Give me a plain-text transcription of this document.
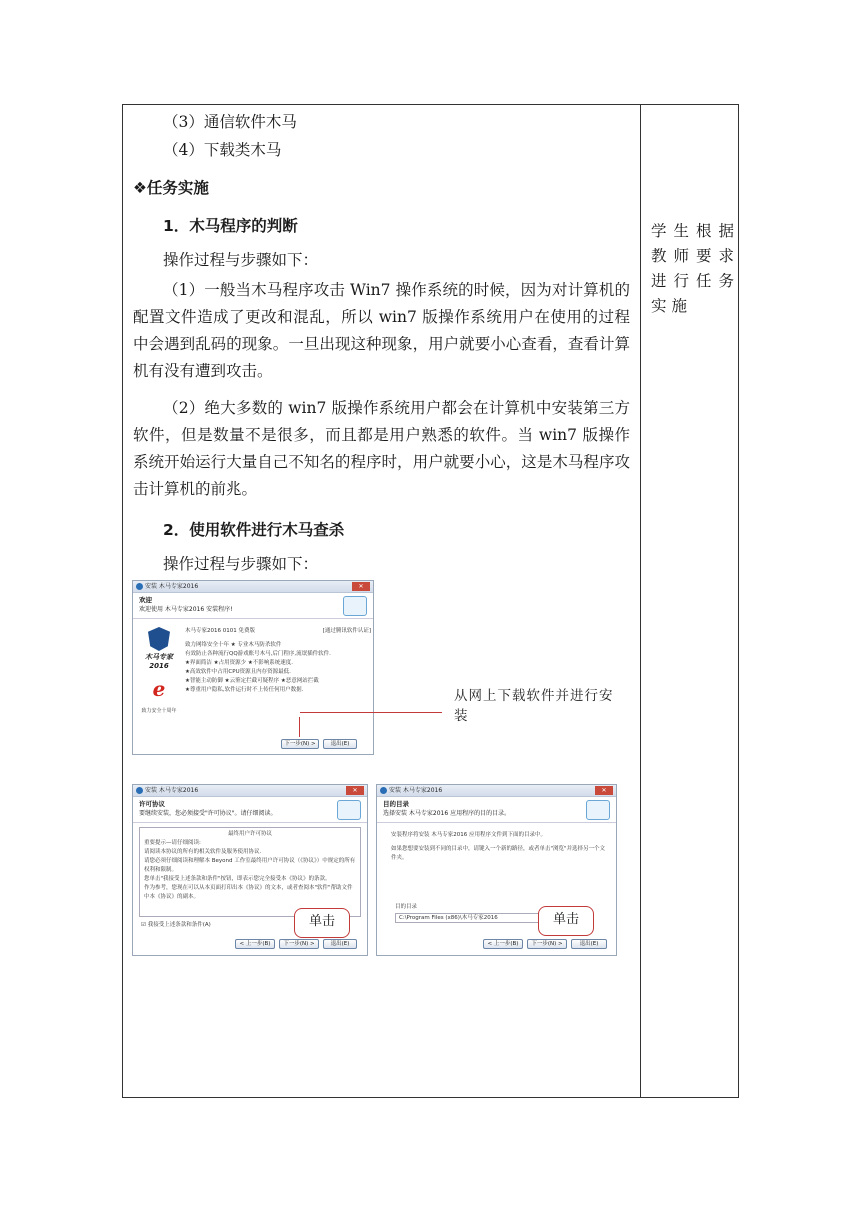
（3）通信软件木马
（4）下载类木马
❖任务实施
1．木马程序的判断
操作过程与步骤如下：
（1）一般当木马程序攻击 Win7 操作系统的时候，因为对计算机的配置文件造成了更改和混乱，所以 win7 版操作系统用户在使用的过程中会遇到乱码的现象。一旦出现这种现象，用户就要小心查看，查看计算机有没有遭到攻击。
（2）绝大多数的 win7 版操作系统用户都会在计算机中安装第三方软件，但是数量不是很多，而且都是用户熟悉的软件。当 win7 版操作系统开始运行大量自己不知名的程序时，用户就要小心，这是木马程序攻击计算机的前兆。
2．使用软件进行木马查杀
操作过程与步骤如下：
学生根据教师要求进行任务实施
安装 木马专家2016	✕
欢迎
欢迎使用 木马专家2016 安装程序!
木马专家 2016
ℯ
致力安全十周年
木马专家2016 0101 免费版	[通过腾讯软件认证]
致力网络安全十年 ★ 专业木马防杀软件
有效防止各种流行QQ游戏账号木马,后门程序,流氓插件软件.
★界面简洁 ★占用资源少 ★不影响系统速度.
★高效软件中占用CPU资源且内存资源最低.
★智能主动防御 ★云鉴定拦截可疑程序 ★恶意网站拦截
★尊重用户隐私,软件运行时不上传任何用户数据.
下一步(N) >	退出(E)
从网上下载软件并进行安装
安装 木马专家2016	✕
许可协议
要继续安装，您必须接受"许可协议"。请仔细阅读。
最终用户许可协议
重要提示—请仔细阅读:
请阅读本协议的所有的相关软件及服务使用协议.
请您必须仔细阅读和理解本 Beyond 工作室最终用户许可协议（《协议》）中规定的所有权利和限制。
您单击"我接受上述条款和条件"按钮，即表示您完全接受本《协议》的条款。
作为参考，您现在可以从本页面打印出本《协议》的文本，或者查阅本"软件"帮助文件中本《协议》的副本。
☑ 我接受上述条款和条件(A)
< 上一步(B)	下一步(N) >	退出(E)
单击
安装 木马专家2016	✕
目的目录
选择安装 木马专家2016 应用程序的目的目录。
安装程序将安装 木马专家2016 应用程序文件到下面的目录中。
如果您想要安装到不同的目录中，请键入一个新的路径，或者单击"浏览"并选择另一个文件夹。
目的目录
C:\Program Files (x86)\木马专家2016
< 上一步(B)	下一步(N) >	退出(E)
单击
